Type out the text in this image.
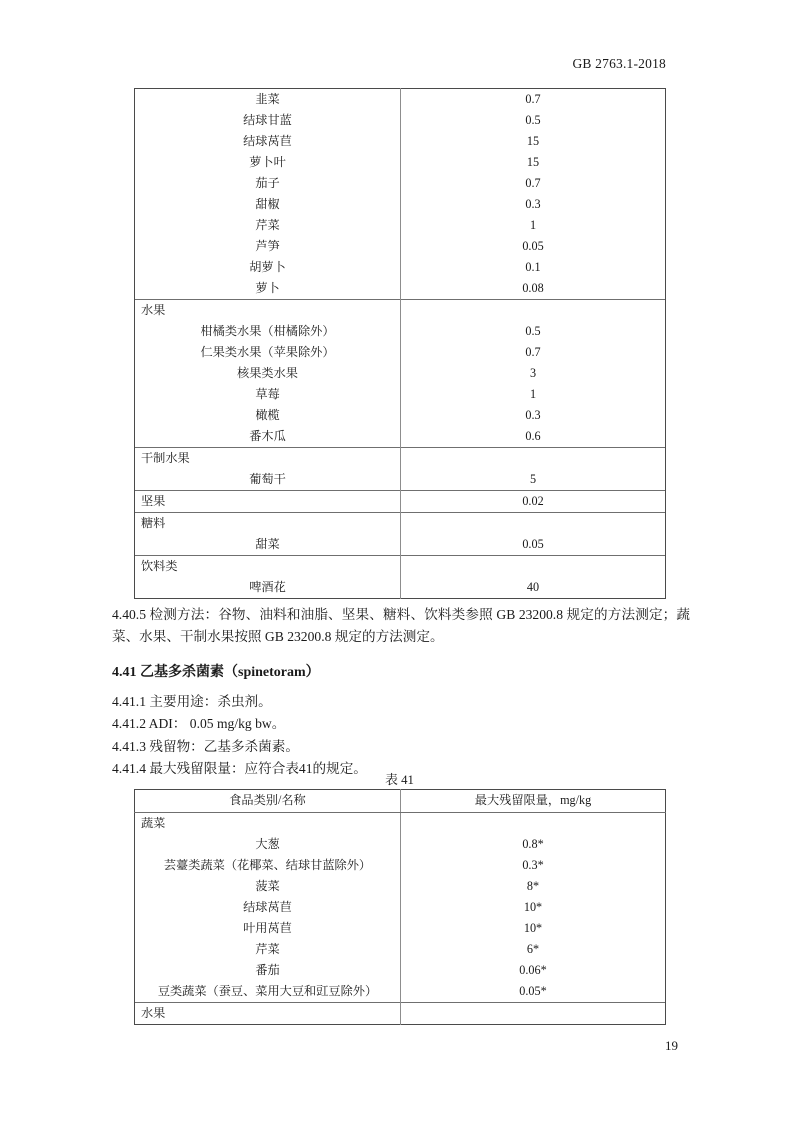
GB 2763.1-2018
韭菜	0.7
结球甘蓝	0.5
结球莴苣	15
萝卜叶	15
茄子	0.7
甜椒	0.3
芹菜	1
芦笋	0.05
胡萝卜	0.1
萝卜	0.08
水果	
柑橘类水果（柑橘除外）	0.5
仁果类水果（苹果除外）	0.7
核果类水果	3
草莓	1
橄榄	0.3
番木瓜	0.6
干制水果	
葡萄干	5
坚果	0.02
糖料	
甜菜	0.05
饮料类	
啤酒花	40
4.40.5 检测方法：谷物、油料和油脂、坚果、糖料、饮料类参照 GB 23200.8 规定的方法测定；蔬菜、水果、干制水果按照 GB 23200.8 规定的方法测定。
4.41 乙基多杀菌素（spinetoram）
4.41.1 主要用途：杀虫剂。
4.41.2 ADI： 0.05 mg/kg bw。
4.41.3 残留物：乙基多杀菌素。
4.41.4 最大残留限量：应符合表41的规定。
表 41
食品类别/名称	最大残留限量，mg/kg
蔬菜	
大葱	0.8*
芸薹类蔬菜（花椰菜、结球甘蓝除外）	0.3*
菠菜	8*
结球莴苣	10*
叶用莴苣	10*
芹菜	6*
番茄	0.06*
豆类蔬菜（蚕豆、菜用大豆和豇豆除外）	0.05*
水果	
19
